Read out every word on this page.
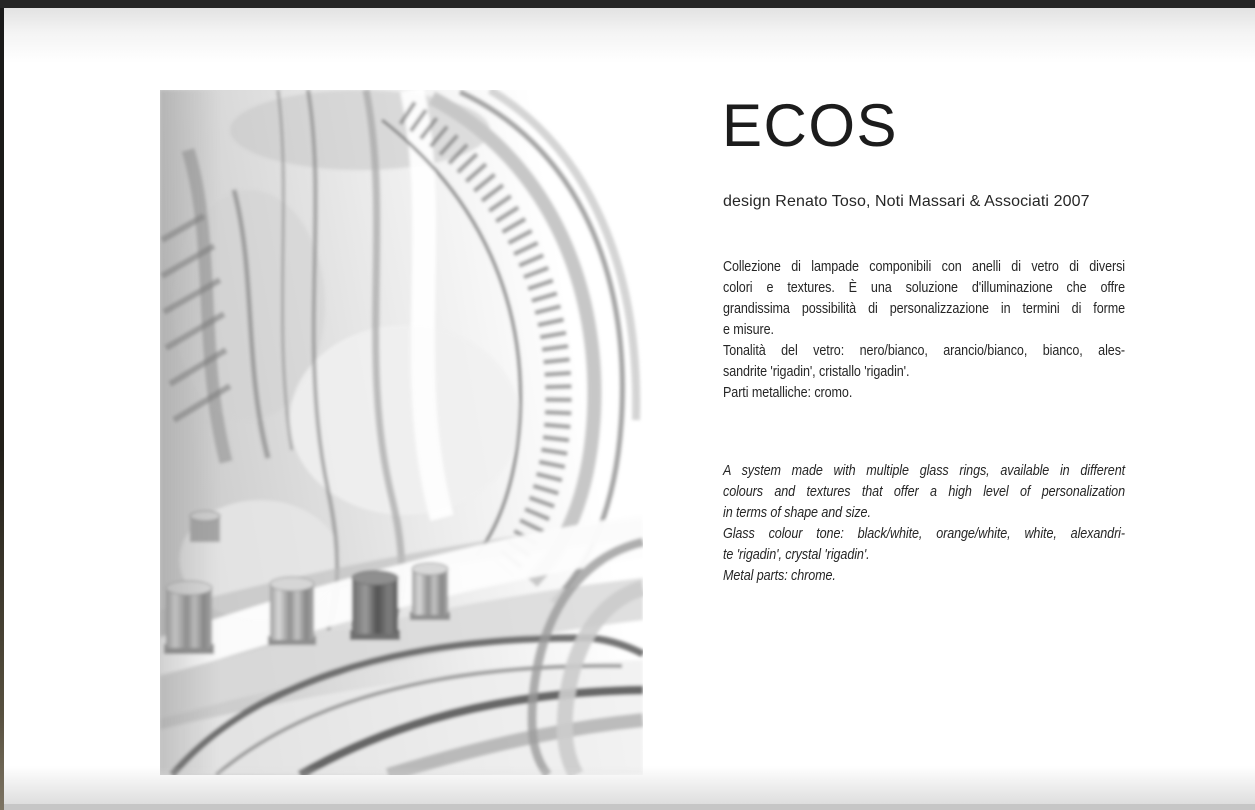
ECOS
design Renato Toso, Noti Massari & Associati 2007
Collezione di lampade componibili con anelli di vetro di diversi
colori e textures. È una soluzione d'illuminazione che offre
grandissima possibilità di personalizzazione in termini di forme
e misure.
Tonalità del vetro: nero/bianco, arancio/bianco, bianco, ales-
sandrite 'rigadin', cristallo 'rigadin'.
Parti metalliche: cromo.
A system made with multiple glass rings, available in different
colours and textures that offer a high level of personalization
in terms of shape and size.
Glass colour tone: black/white, orange/white, white, alexandri-
te 'rigadin', crystal 'rigadin'.
Metal parts: chrome.
